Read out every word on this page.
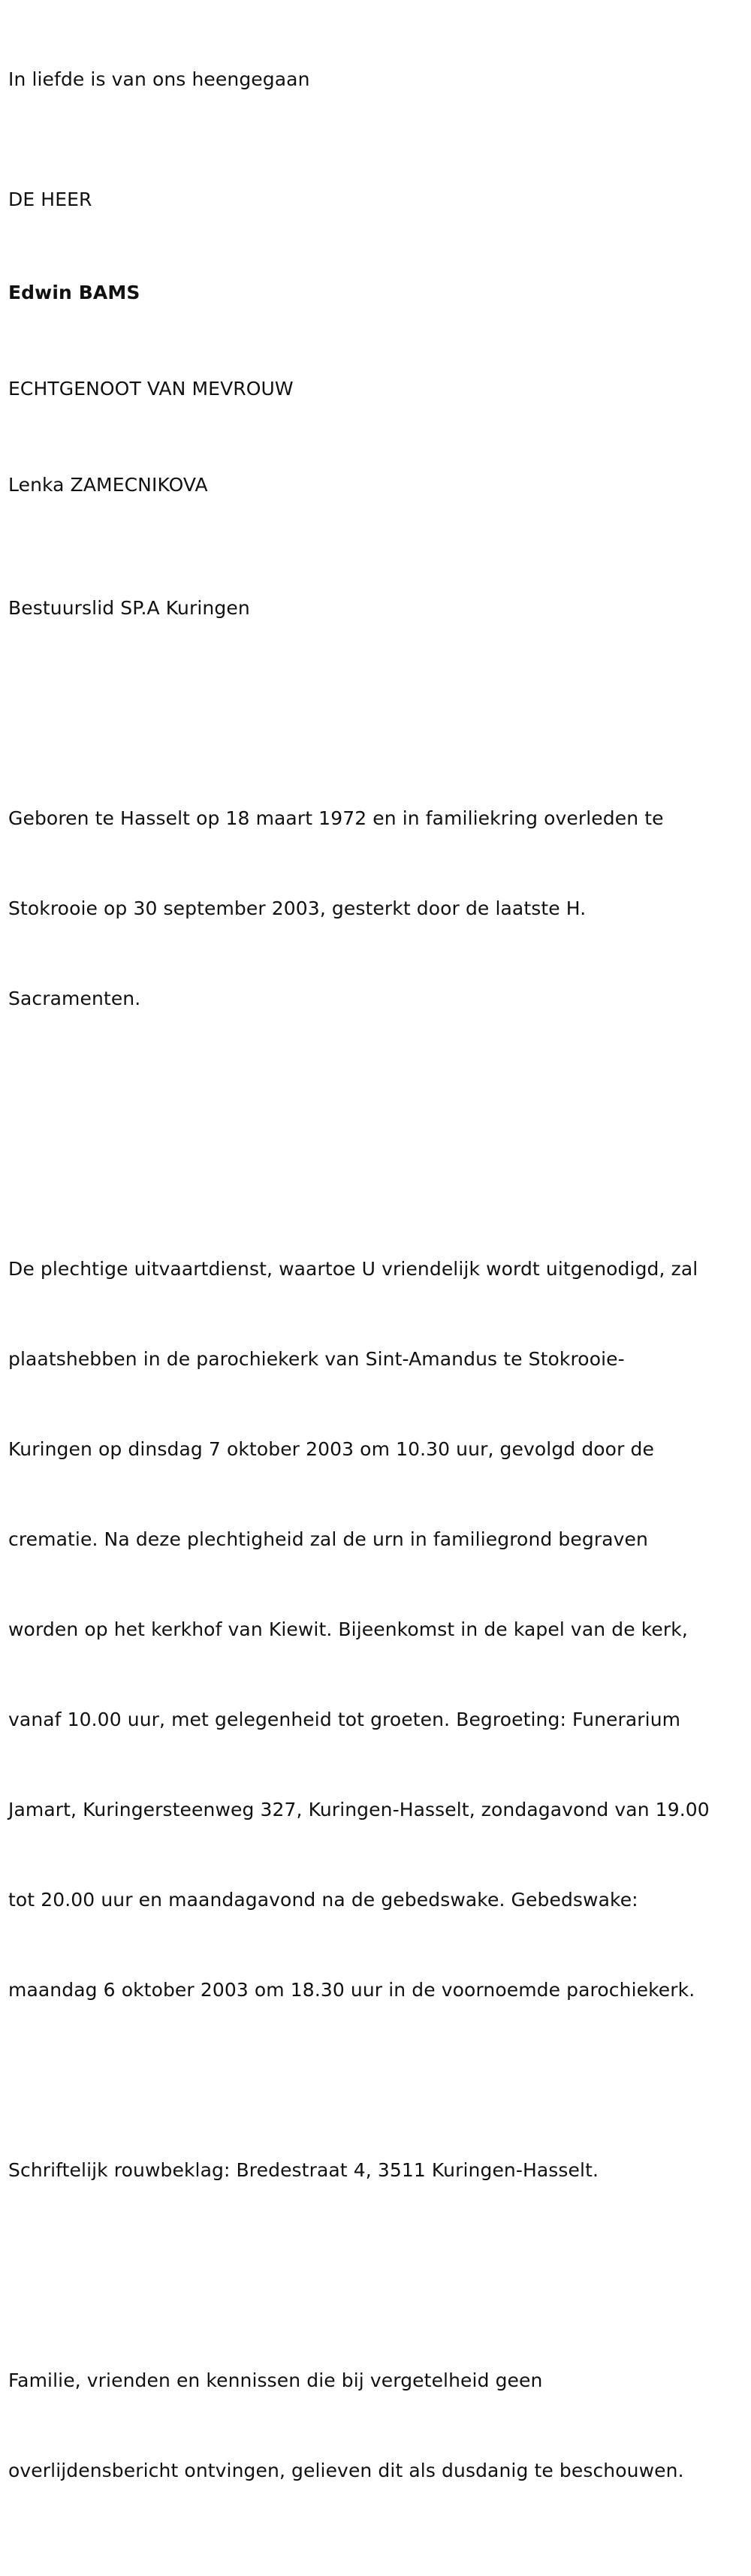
In liefde is van ons heengegaan

DE HEER

Edwin BAMS

ECHTGENOOT VAN MEVROUW

Lenka ZAMECNIKOVA

Bestuurslid SP.A Kuringen

Geboren te Hasselt op 18 maart 1972 en in familiekring overleden te

Stokrooie op 30 september 2003, gesterkt door de laatste H.

Sacramenten.

De plechtige uitvaartdienst, waartoe U vriendelijk wordt uitgenodigd, zal

plaatshebben in de parochiekerk van Sint-Amandus te Stokrooie-

Kuringen op dinsdag 7 oktober 2003 om 10.30 uur, gevolgd door de

crematie. Na deze plechtigheid zal de urn in familiegrond begraven

worden op het kerkhof van Kiewit. Bijeenkomst in de kapel van de kerk,

vanaf 10.00 uur, met gelegenheid tot groeten. Begroeting: Funerarium

Jamart, Kuringersteenweg 327, Kuringen-Hasselt, zondagavond van 19.00

tot 20.00 uur en maandagavond na de gebedswake. Gebedswake:

maandag 6 oktober 2003 om 18.30 uur in de voornoemde parochiekerk.

Schriftelijk rouwbeklag: Bredestraat 4, 3511 Kuringen-Hasselt.

Familie, vrienden en kennissen die bij vergetelheid geen

overlijdensbericht ontvingen, gelieven dit als dusdanig te beschouwen.
